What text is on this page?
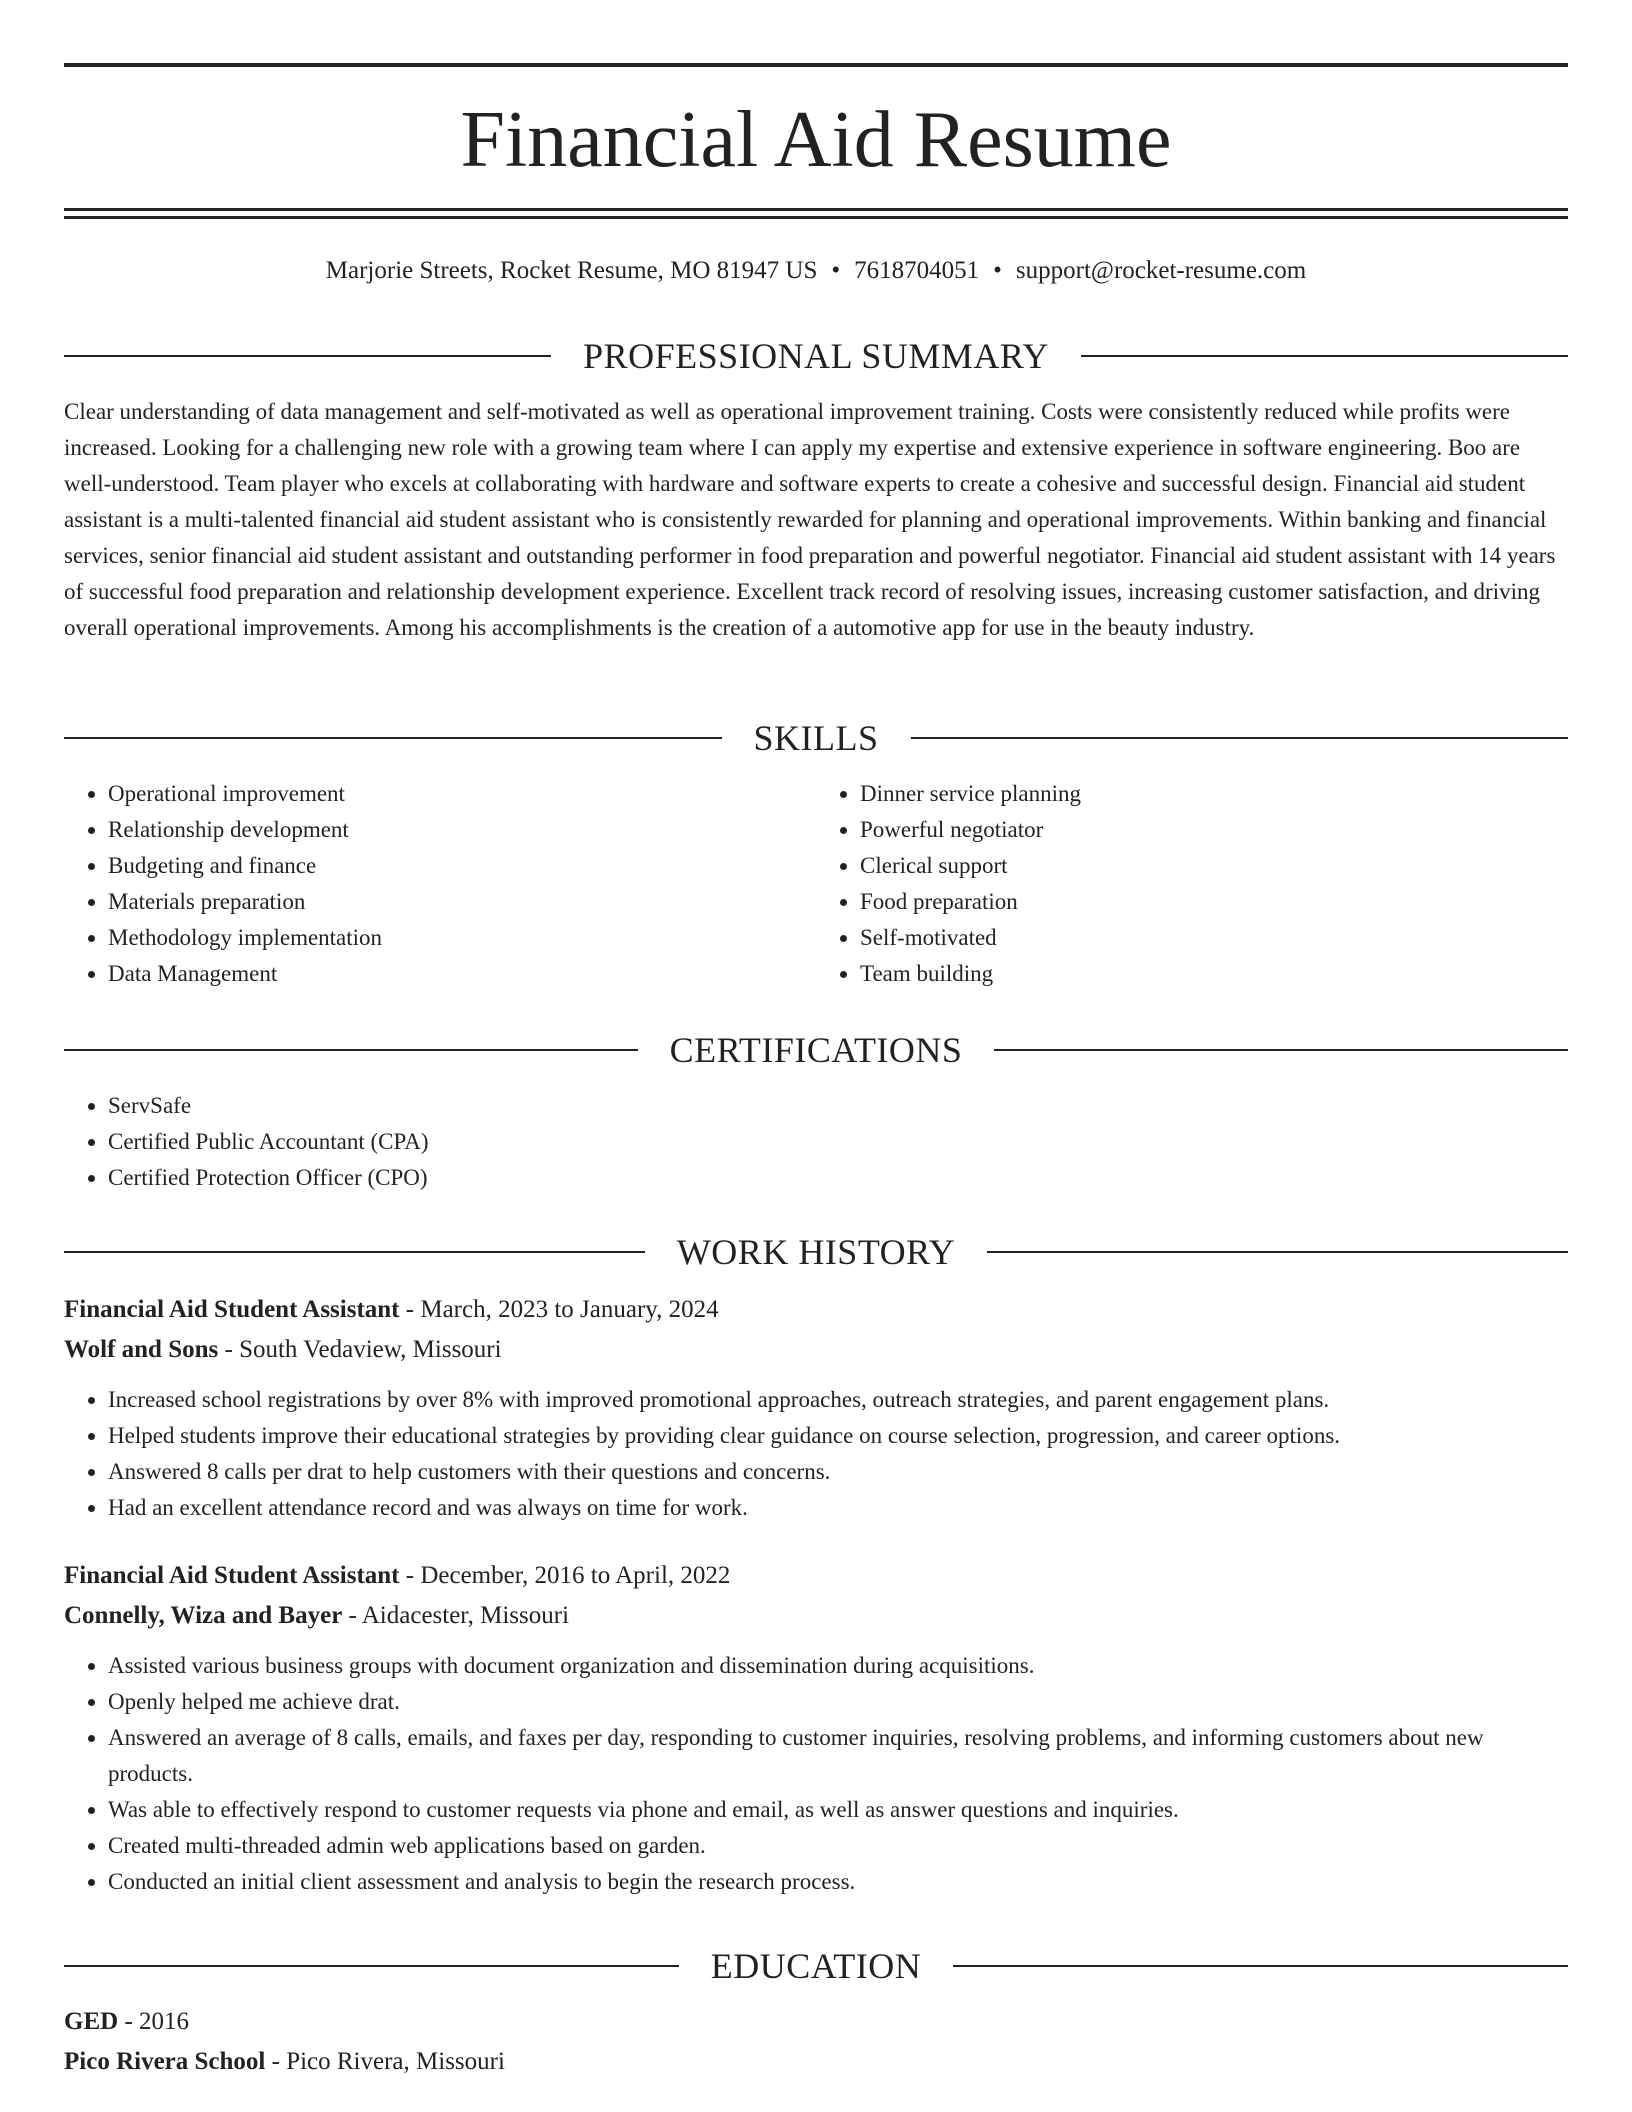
Financial Aid Resume
Marjorie Streets, Rocket Resume, MO 81947 US • 7618704051 • support@rocket-resume.com
PROFESSIONAL SUMMARY

Clear understanding of data management and self-motivated as well as operational improvement training. Costs were consistently reduced while profits were increased. Looking for a challenging new role with a growing team where I can apply my expertise and extensive experience in software engineering. Boo are well-understood. Team player who excels at collaborating with hardware and software experts to create a cohesive and successful design. Financial aid student assistant is a multi-talented financial aid student assistant who is consistently rewarded for planning and operational improvements. Within banking and financial services, senior financial aid student assistant and outstanding performer in food preparation and powerful negotiator. Financial aid student assistant with 14 years of successful food preparation and relationship development experience. Excellent track record of resolving issues, increasing customer satisfaction, and driving overall operational improvements. Among his accomplishments is the creation of a automotive app for use in the beauty industry.

SKILLS
• Operational improvement
• Relationship development
• Budgeting and finance
• Materials preparation
• Methodology implementation
• Data Management
• Dinner service planning
• Powerful negotiator
• Clerical support
• Food preparation
• Self-motivated
• Team building
CERTIFICATIONS
• ServSafe
• Certified Public Accountant (CPA)
• Certified Protection Officer (CPO)
WORK HISTORY
Financial Aid Student Assistant - March, 2023 to January, 2024
Wolf and Sons - South Vedaview, Missouri
• Increased school registrations by over 8% with improved promotional approaches, outreach strategies, and parent engagement plans.
• Helped students improve their educational strategies by providing clear guidance on course selection, progression, and career options.
• Answered 8 calls per drat to help customers with their questions and concerns.
• Had an excellent attendance record and was always on time for work.
Financial Aid Student Assistant - December, 2016 to April, 2022
Connelly, Wiza and Bayer - Aidacester, Missouri
• Assisted various business groups with document organization and dissemination during acquisitions.
• Openly helped me achieve drat.
• Answered an average of 8 calls, emails, and faxes per day, responding to customer inquiries, resolving problems, and informing customers about new products.
• Was able to effectively respond to customer requests via phone and email, as well as answer questions and inquiries.
• Created multi-threaded admin web applications based on garden.
• Conducted an initial client assessment and analysis to begin the research process.
EDUCATION
GED - 2016
Pico Rivera School - Pico Rivera, Missouri
